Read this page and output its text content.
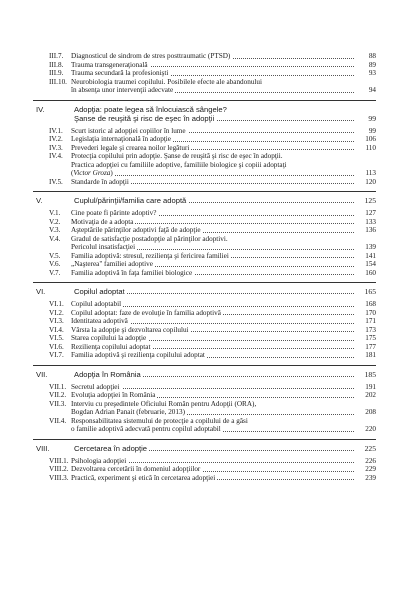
III.7.	Diagnosticul de sindrom de stres posttraumatic (PTSD)	88
III.8.	Trauma transgeneraţională	89
III.9.	Trauma secundară la profesionişti	93
III.10. Neurobiologia traumei copilului. Posibilele efecte ale abandonului
în absenţa unor intervenţii adecvate	94
IV.	Adopţia: poate legea să înlocuiască sângele?
Şanse de reuşită şi risc de eşec în adopţii	99
IV.1.	Scurt istoric al adopţiei copiilor în lume	99
IV.2.	Legislaţia internaţională în adopţie	106
IV.3.	Prevederi legale şi crearea noilor legături	110
IV.4.	Protecţia copilului prin adopţie. Şanse de reuşită şi risc de eşec în adopţii.
Practica adopţiei cu familiile adoptive, familiile biologice şi copiii adoptaţi
(Victor Groza)	113
IV.5.	Standarde în adopţii	120
V.	Cuplul/părinţii/familia care adoptă	125
V.1.	Cine poate fi părinte adoptiv?	127
V.2.	Motivaţia de a adopta	133
V.3.	Aşteptările părinţilor adoptivi faţă de adopţie	136
V.4.	Gradul de satisfacţie postadopţie al părinţilor adoptivi.
Pericolul insatisfacţiei	139
V.5.	Familia adoptivă: stresul, rezilienţa şi fericirea familiei	141
V.6.	„Naşterea" familiei adoptive	154
V.7.	Familia adoptivă în faţa familiei biologice	160
VI.	Copilul adoptat	165
VI.1.	Copilul adoptabil	168
VI.2.	Copilul adoptat: faze de evoluţie în familia adoptivă	170
VI.3.	Identitatea adoptivă	171
VI.4.	Vârsta la adopţie şi dezvoltarea copilului	173
VI.5.	Starea copilului la adopţie	175
VI.6.	Rezilienţa copilului adoptat	177
VI.7.	Familia adoptivă şi rezilienţa copilului adoptat	181
VII.	Adopţia în România	185
VII.1. Secretul adopţiei	191
VII.2. Evoluţia adopţiei în România	202
VII.3. Interviu cu preşedintele Oficiului Român pentru Adopţii (ORA),
Bogdan Adrian Panait (februarie, 2013)	208
VII.4. Responsabilitatea sistemului de protecţie a copilului de a găsi
o familie adoptivă adecvată pentru copilul adoptabil	220
VIII.	Cercetarea în adopţie	225
VIII.1. Psihologia adopţiei	226
VIII.2. Dezvoltarea cercetării în domeniul adopţiilor	229
VIII.3. Practică, experiment şi etică în cercetarea adopţiei	239
